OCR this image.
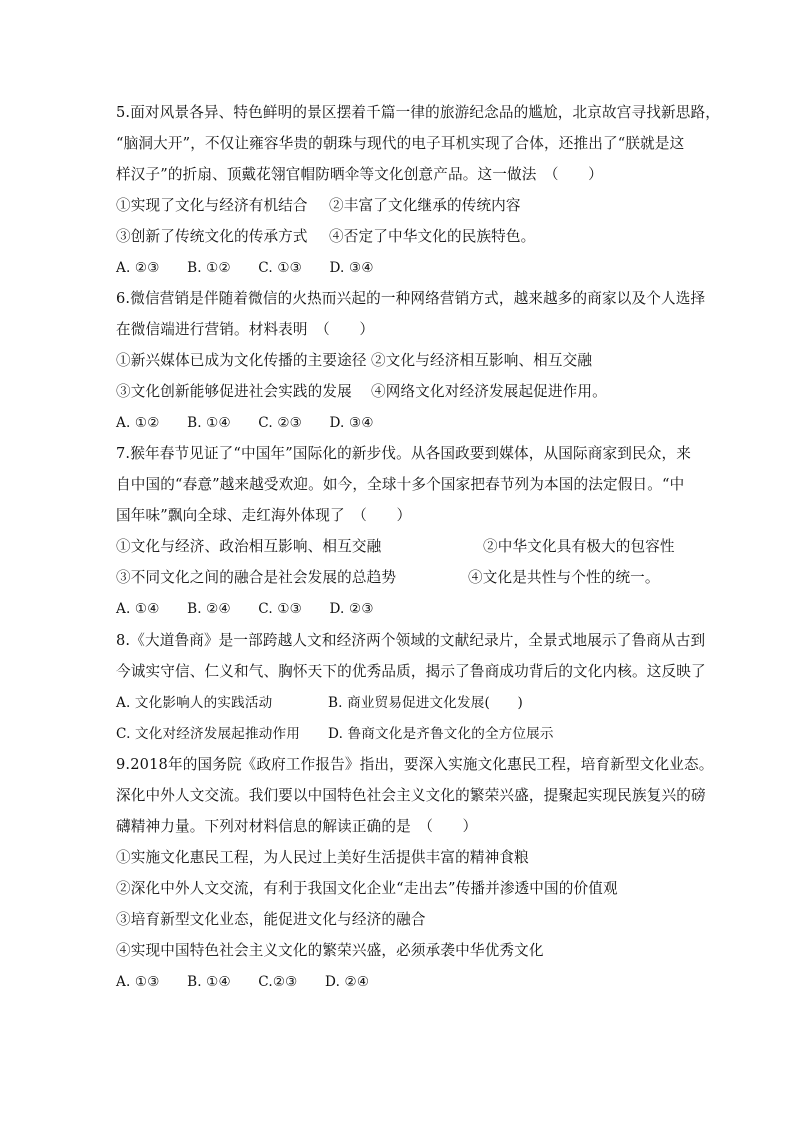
5.面对风景各异、特色鲜明的景区摆着千篇一律的旅游纪念品的尴尬，北京故宫寻找新思路，

“脑洞大开”，不仅让雍容华贵的朝珠与现代的电子耳机实现了合体，还推出了“朕就是这

样汉子”的折扇、顶戴花翎官帽防晒伞等文化创意产品。这一做法　（　　）

①实现了文化与经济有机结合 ②丰富了文化继承的传统内容
③创新了传统文化的传承方式 ④否定了中华文化的民族特色。

A. ②③　　B. ①②　　C. ①③　　D. ③④

6.微信营销是伴随着微信的火热而兴起的一种网络营销方式，越来越多的商家以及个人选择

在微信端进行营销。材料表明　（　　）

①新兴媒体已成为文化传播的主要途径 ②文化与经济相互影响、相互交融
③文化创新能够促进社会实践的发展 ④网络文化对经济发展起促进作用。

A. ①②　　B. ①④　　C. ②③　　D. ③④

7.猴年春节见证了“中国年”国际化的新步伐。从各国政要到媒体，从国际商家到民众，来

自中国的“春意”越来越受欢迎。如今，全球十多个国家把春节列为本国的法定假日。“中

国年味”飘向全球、走红海外体现了　（　　）

①文化与经济、政治相互影响、相互交融	②中华文化具有极大的包容性
③不同文化之间的融合是社会发展的总趋势	④文化是共性与个性的统一。

A. ①④　　B. ②④　　C. ①③　　D. ②③

8.《大道鲁商》是一部跨越人文和经济两个领域的文献纪录片，全景式地展示了鲁商从古到

今诚实守信、仁义和气、胸怀天下的优秀品质，揭示了鲁商成功背后的文化内核。这反映了

A. 文化影响人的实践活动	B. 商业贸易促进文化发展(　　)
C. 文化对经济发展起推动作用 D. 鲁商文化是齐鲁文化的全方位展示

9.2018年的国务院《政府工作报告》指出，要深入实施文化惠民工程，培育新型文化业态。

深化中外人文交流。我们要以中国特色社会主义文化的繁荣兴盛，提聚起实现民族复兴的磅

礴精神力量。下列对材料信息的解读正确的是　（　　）

①实施文化惠民工程，为人民过上美好生活提供丰富的精神食粮

②深化中外人文交流，有利于我国文化企业“走出去”传播并渗透中国的价值观

③培育新型文化业态，能促进文化与经济的融合

④实现中国特色社会主义文化的繁荣兴盛，必须承袭中华优秀文化

A. ①③　　B. ①④　　C.②③　　D. ②④
